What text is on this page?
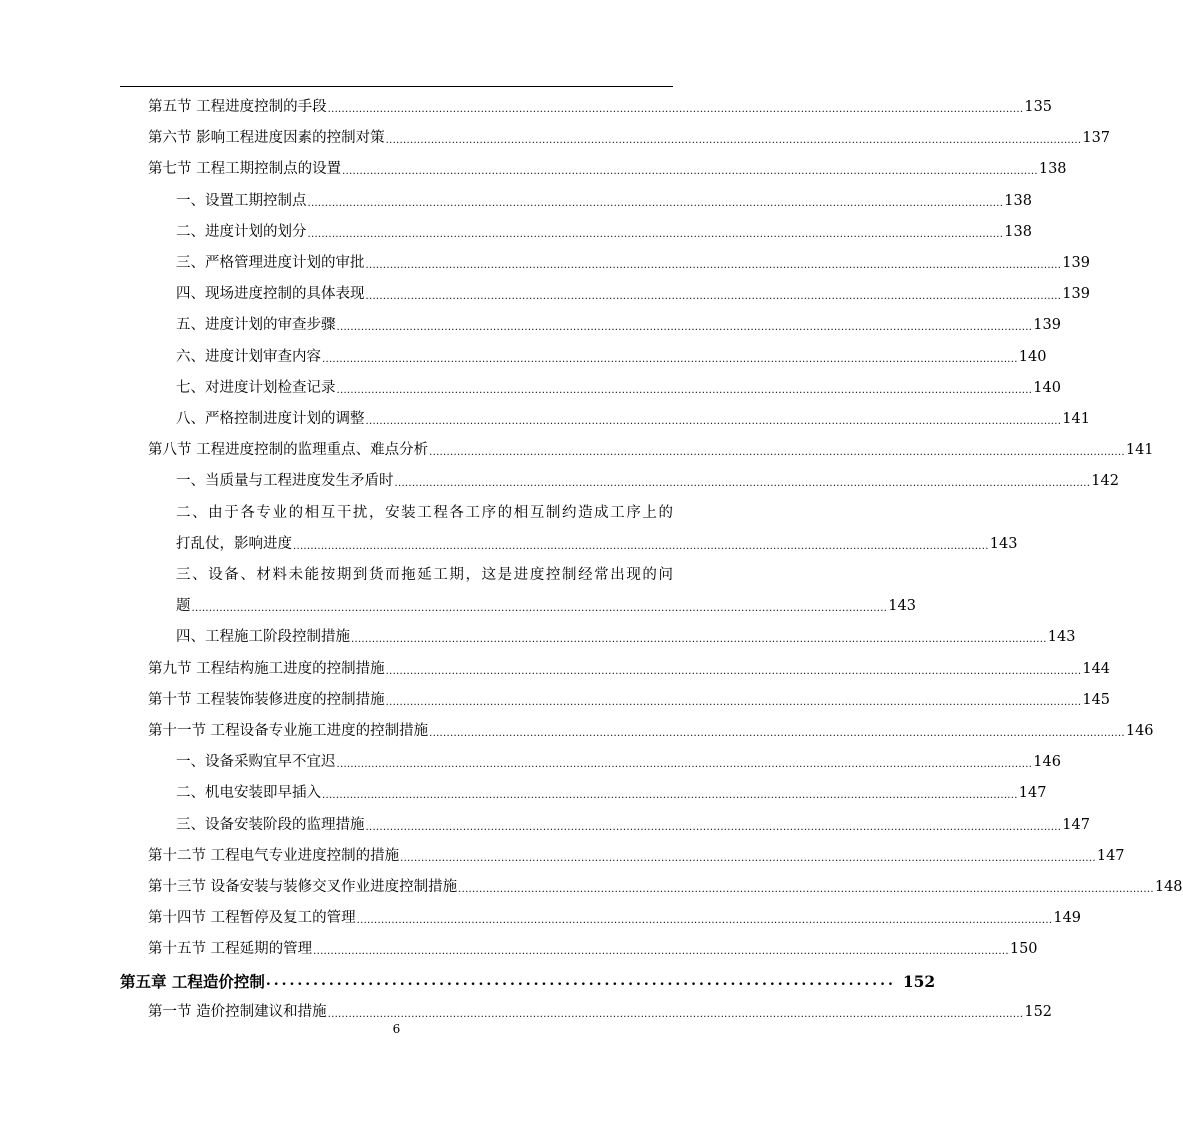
第五节 工程进度控制的手段 ........................................................................................................................................................................................................ 135
第六节 影响工程进度因素的控制对策 ........................................................................................................................................................................................................ 137
第七节 工程工期控制点的设置 ........................................................................................................................................................................................................ 138
一、设置工期控制点 ........................................................................................................................................................................................................ 138
二、进度计划的划分 ........................................................................................................................................................................................................ 138
三、严格管理进度计划的审批 ........................................................................................................................................................................................................ 139
四、现场进度控制的具体表现 ........................................................................................................................................................................................................ 139
五、进度计划的审查步骤 ........................................................................................................................................................................................................ 139
六、进度计划审查内容 ........................................................................................................................................................................................................ 140
七、对进度计划检查记录 ........................................................................................................................................................................................................ 140
八、严格控制进度计划的调整 ........................................................................................................................................................................................................ 141
第八节 工程进度控制的监理重点、难点分析 ........................................................................................................................................................................................................ 141
一、当质量与工程进度发生矛盾时 ........................................................................................................................................................................................................ 142
二、由于各专业的相互干扰，安装工程各工序的相互制约造成工序上的
打乱仗，影响进度 ........................................................................................................................................................................................................ 143
三、设备、材料未能按期到货而拖延工期，这是进度控制经常出现的问
题 ........................................................................................................................................................................................................ 143
四、工程施工阶段控制措施 ........................................................................................................................................................................................................ 143
第九节 工程结构施工进度的控制措施 ........................................................................................................................................................................................................ 144
第十节 工程装饰装修进度的控制措施 ........................................................................................................................................................................................................ 145
第十一节 工程设备专业施工进度的控制措施 ........................................................................................................................................................................................................ 146
一、设备采购宜早不宜迟 ........................................................................................................................................................................................................ 146
二、机电安装即早插入 ........................................................................................................................................................................................................ 147
三、设备安装阶段的监理措施 ........................................................................................................................................................................................................ 147
第十二节 工程电气专业进度控制的措施 ........................................................................................................................................................................................................ 147
第十三节 设备安装与装修交叉作业进度控制措施 ........................................................................................................................................................................................................ 148
第十四节 工程暂停及复工的管理 ........................................................................................................................................................................................................ 149
第十五节 工程延期的管理 ........................................................................................................................................................................................................ 150
第五章 工程造价控制 ................................................................................ 152
第一节 造价控制建议和措施 ........................................................................................................................................................................................................ 152
6
